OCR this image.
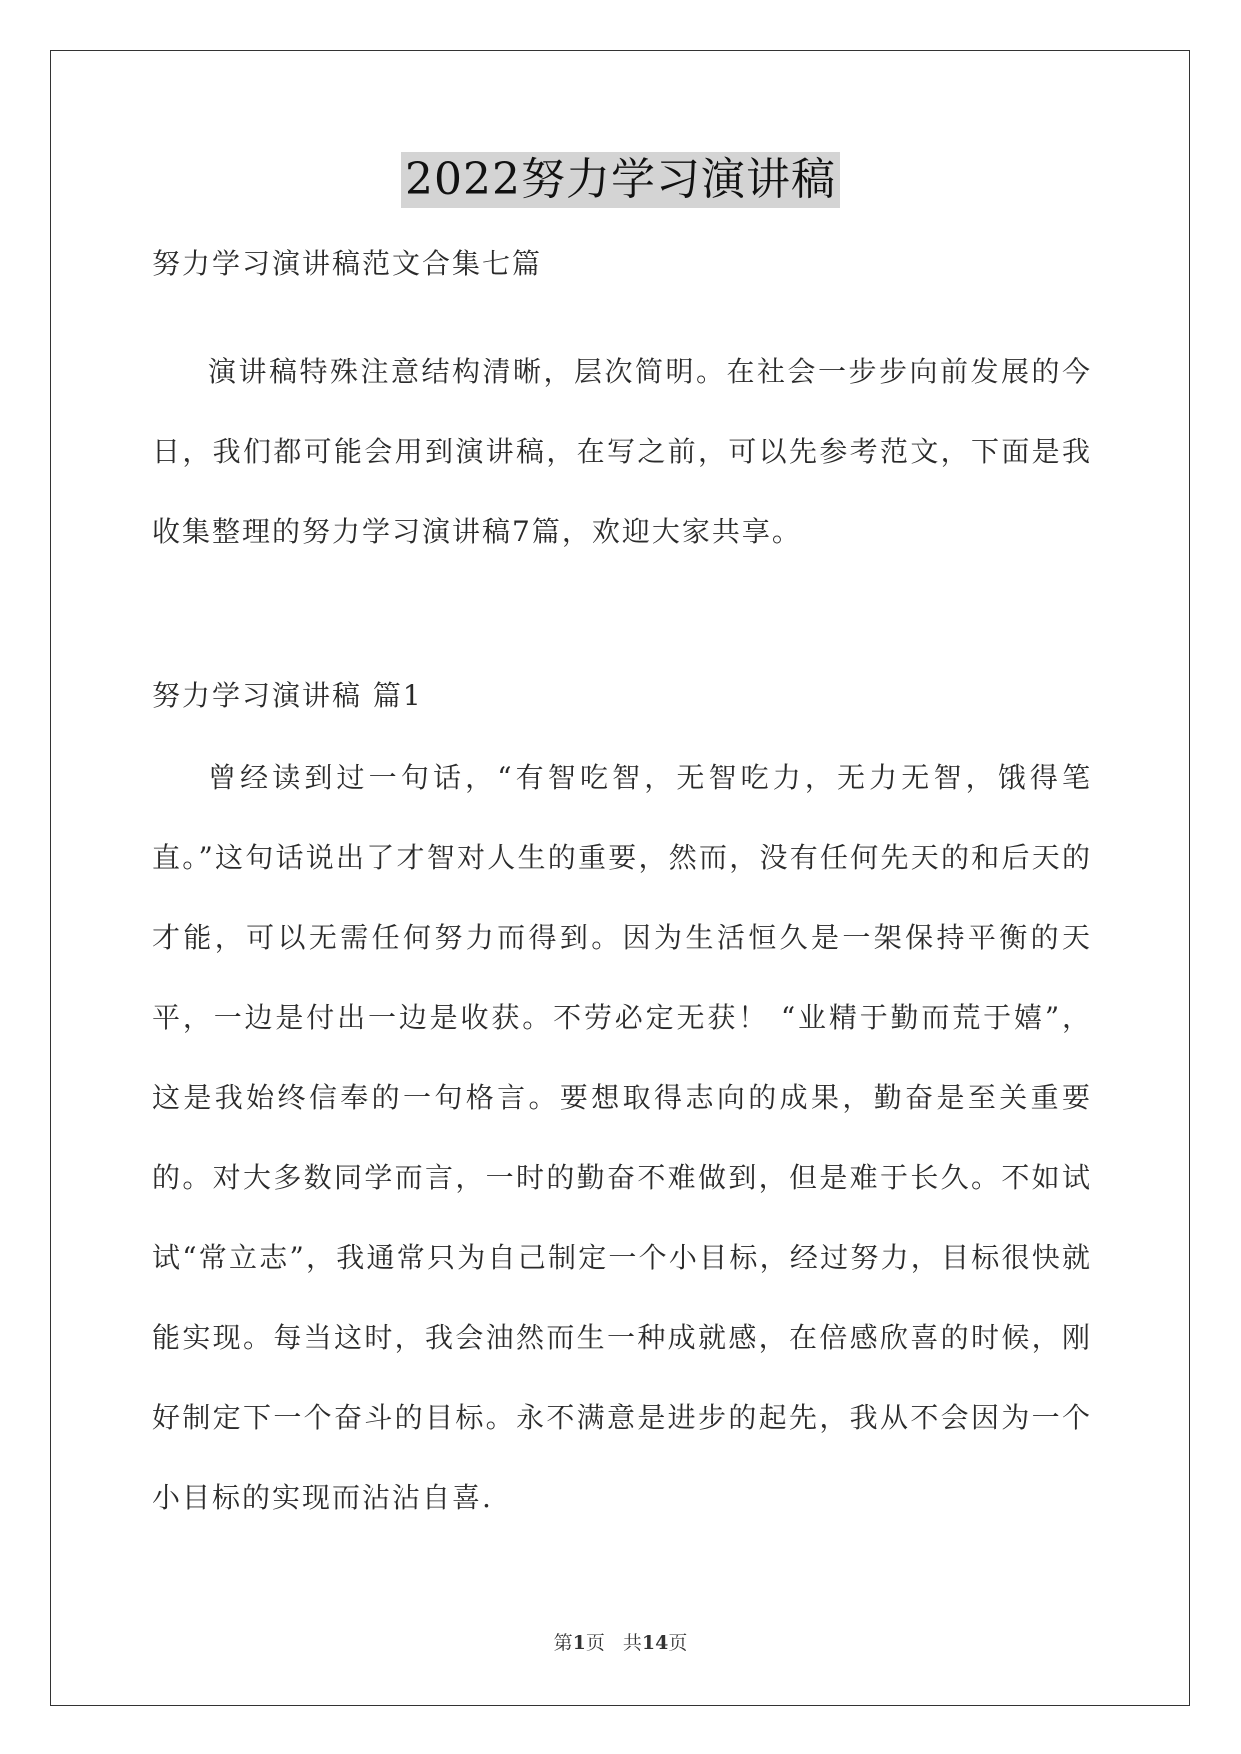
2022努力学习演讲稿
努力学习演讲稿范文合集七篇
演讲稿特殊注意结构清晰，层次简明。在社会一步步向前发展的今日，我们都可能会用到演讲稿，在写之前，可以先参考范文，下面是我收集整理的努力学习演讲稿7篇，欢迎大家共享。
努力学习演讲稿 篇1
曾经读到过一句话，“有智吃智，无智吃力，无力无智，饿得笔直。”这句话说出了才智对人生的重要，然而，没有任何先天的和后天的才能，可以无需任何努力而得到。因为生活恒久是一架保持平衡的天平，一边是付出一边是收获。不劳必定无获！ “业精于勤而荒于嬉”，这是我始终信奉的一句格言。要想取得志向的成果，勤奋是至关重要的。对大多数同学而言，一时的勤奋不难做到，但是难于长久。不如试试“常立志”，我通常只为自己制定一个小目标，经过努力，目标很快就能实现。每当这时，我会油然而生一种成就感，在倍感欣喜的时候，刚好制定下一个奋斗的目标。永不满意是进步的起先，我从不会因为一个小目标的实现而沾沾自喜.
第1页 共14页
